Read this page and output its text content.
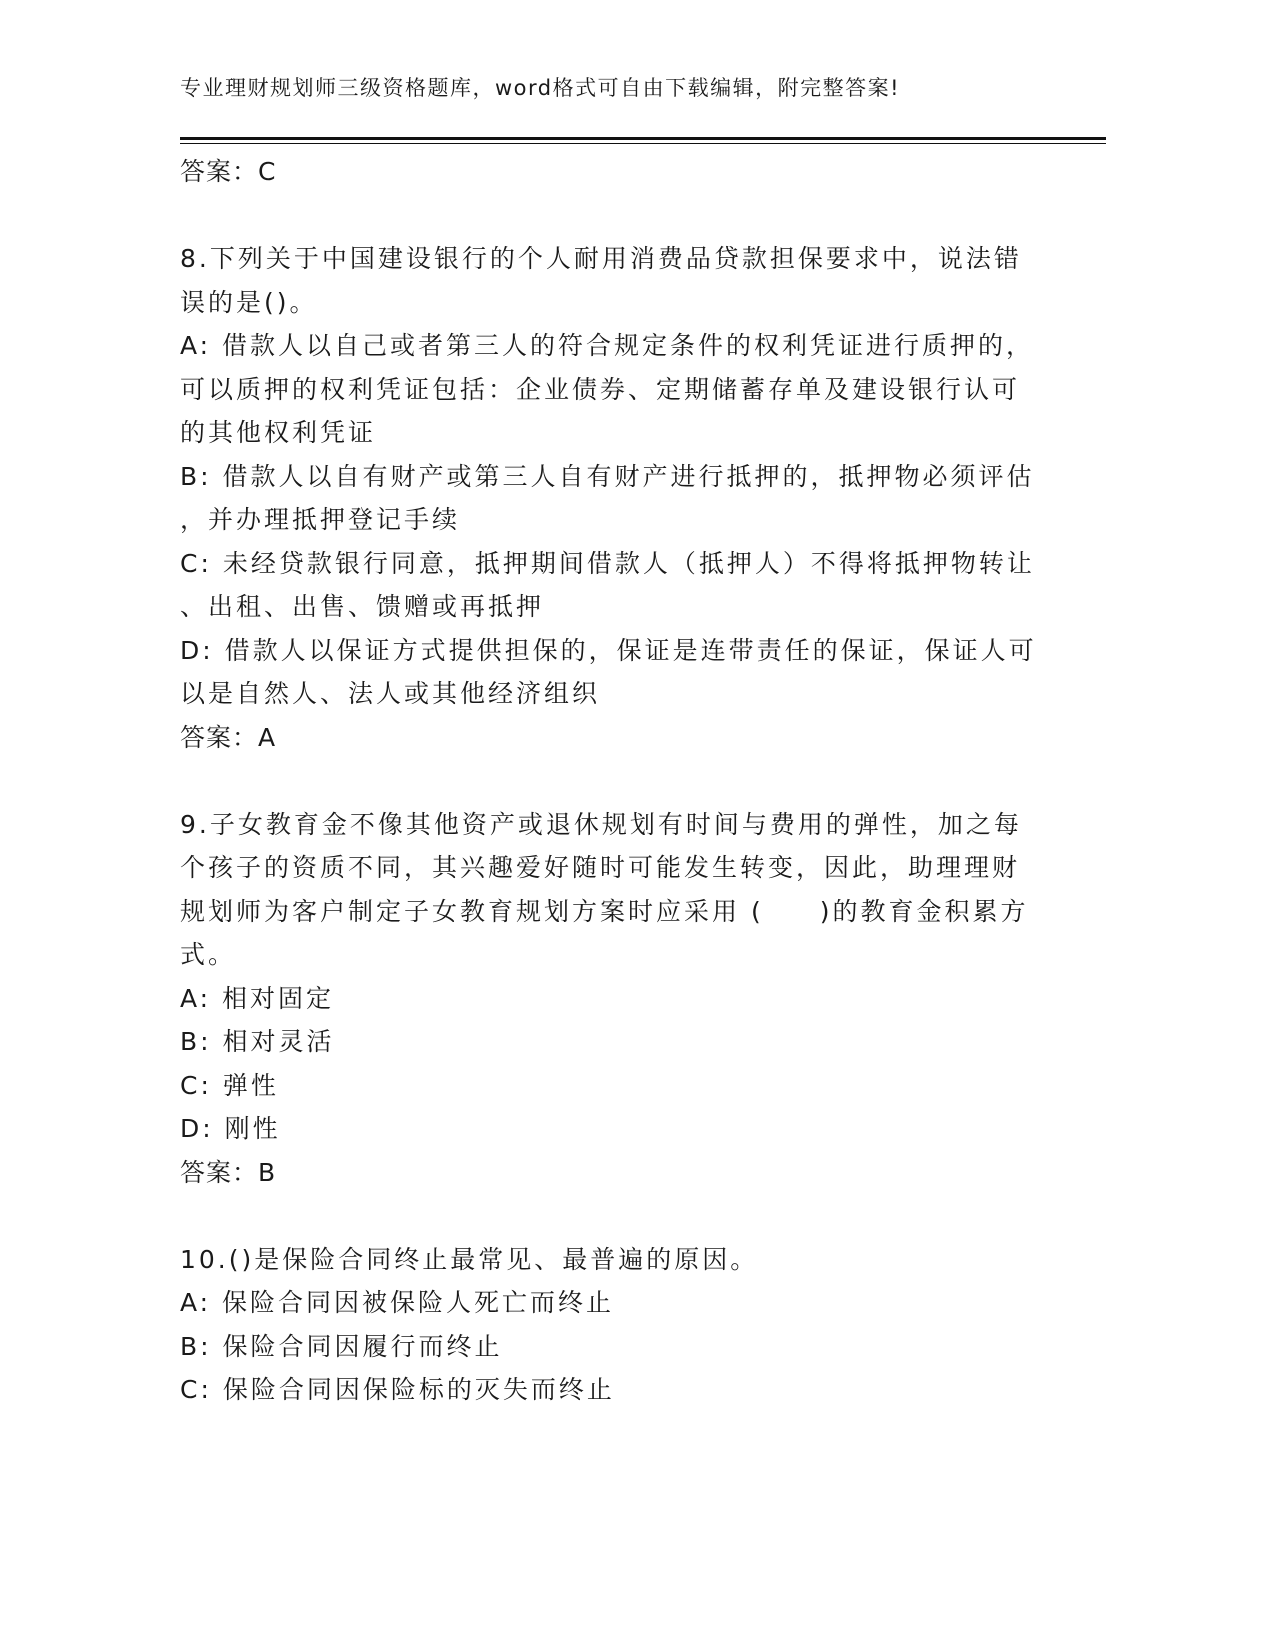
专业理财规划师三级资格题库，word格式可自由下载编辑，附完整答案!
答案：C
8.下列关于中国建设银行的个人耐用消费品贷款担保要求中，说法错
误的是()。
A: 借款人以自己或者第三人的符合规定条件的权利凭证进行质押的，
可以质押的权利凭证包括：企业债券、定期储蓄存单及建设银行认可
的其他权利凭证
B: 借款人以自有财产或第三人自有财产进行抵押的，抵押物必须评估
，并办理抵押登记手续
C: 未经贷款银行同意，抵押期间借款人（抵押人）不得将抵押物转让
、出租、出售、馈赠或再抵押
D: 借款人以保证方式提供担保的，保证是连带责任的保证，保证人可
以是自然人、法人或其他经济组织
答案：A
9.子女教育金不像其他资产或退休规划有时间与费用的弹性，加之每
个孩子的资质不同，其兴趣爱好随时可能发生转变，因此，助理理财
规划师为客户制定子女教育规划方案时应采用 (　　)的教育金积累方
式。
A: 相对固定
B: 相对灵活
C: 弹性
D: 刚性
答案：B
10.()是保险合同终止最常见、最普遍的原因。
A: 保险合同因被保险人死亡而终止
B: 保险合同因履行而终止
C: 保险合同因保险标的灭失而终止
